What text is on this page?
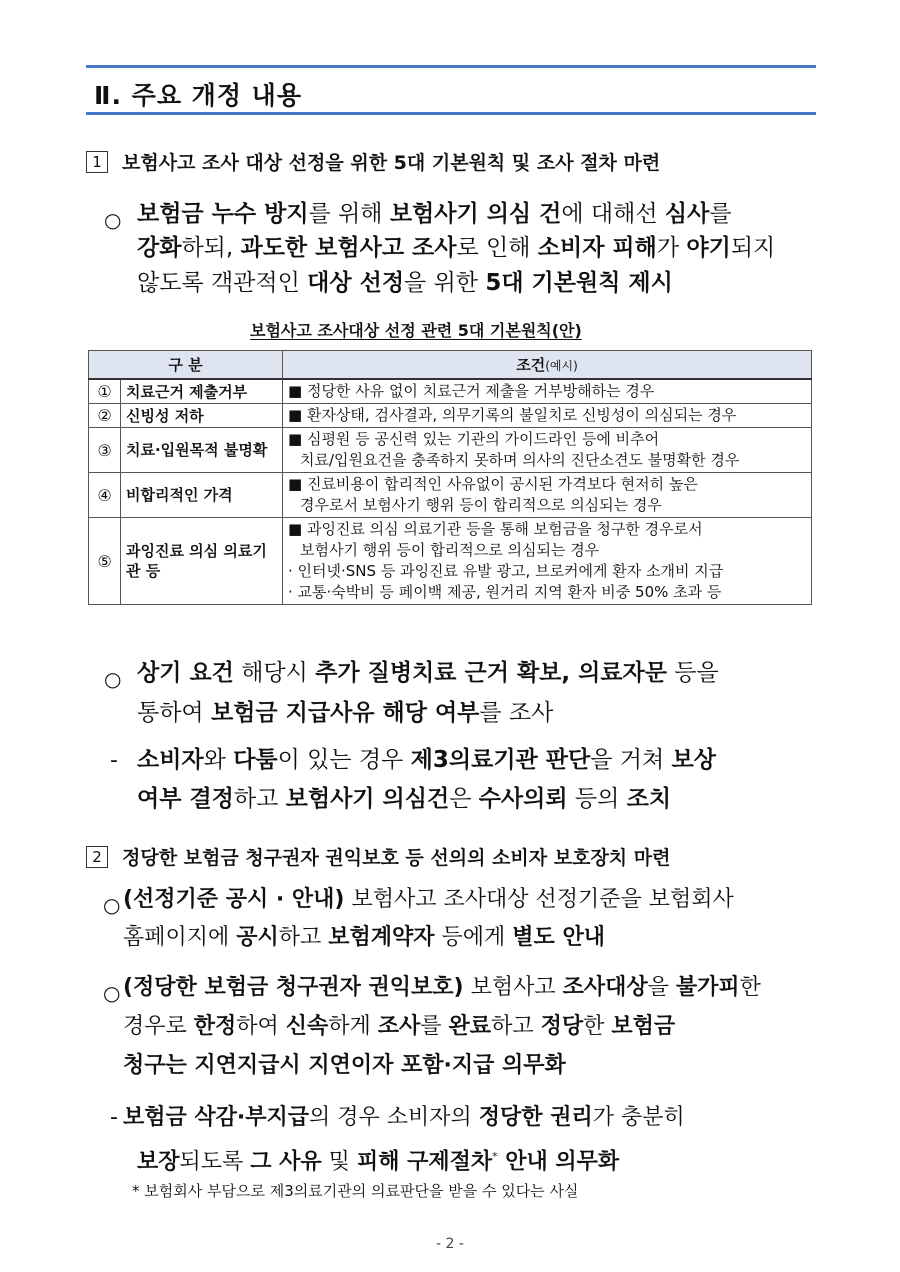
Ⅱ. 주요 개정 내용
1 보험사고 조사 대상 선정을 위한 5대 기본원칙 및 조사 절차 마련
○ 보험금 누수 방지를 위해 보험사기 의심 건에 대해선 심사를
강화하되, 과도한 보험사고 조사로 인해 소비자 피해가 야기되지
않도록 객관적인 대상 선정을 위한 5대 기본원칙 제시
보험사고 조사대상 선정 관련 5대 기본원칙(안)
구 분		조건(예시)
①	치료근거 제출거부	■ 정당한 사유 없이 치료근거 제출을 거부방해하는 경우

②	신빙성 저하	■ 환자상태, 검사결과, 의무기록의 불일치로 신빙성이 의심되는 경우

③	치료·입원목적 불명확	■ 심평원 등 공신력 있는 기관의 가이드라인 등에 비추어
치료/입원요건을 충족하지 못하며 의사의 진단소견도 불명확한 경우

④	비합리적인 가격	■ 진료비용이 합리적인 사유없이 공시된 가격보다 현저히 높은
경우로서 보험사기 행위 등이 합리적으로 의심되는 경우

⑤	과잉진료 의심 의료기관 등	■ 과잉진료 의심 의료기관 등을 통해 보험금을 청구한 경우로서
보험사기 행위 등이 합리적으로 의심되는 경우
· 인터넷·SNS 등 과잉진료 유발 광고, 브로커에게 환자 소개비 지급
· 교통·숙박비 등 페이백 제공, 원거리 지역 환자 비중 50% 초과 등
○ 상기 요건 해당시 추가 질병치료 근거 확보, 의료자문 등을
통하여 보험금 지급사유 해당 여부를 조사
- 소비자와 다툼이 있는 경우 제3의료기관 판단을 거쳐 보상
여부 결정하고 보험사기 의심건은 수사의뢰 등의 조치
2 정당한 보험금 청구권자 권익보호 등 선의의 소비자 보호장치 마련
○ (선정기준 공시 · 안내) 보험사고 조사대상 선정기준을 보험회사
홈페이지에 공시하고 보험계약자 등에게 별도 안내
○ (정당한 보험금 청구권자 권익보호) 보험사고 조사대상을 불가피한
경우로 한정하여 신속하게 조사를 완료하고 정당한 보험금
청구는 지연지급시 지연이자 포함·지급 의무화
- 보험금 삭감·부지급의 경우 소비자의 정당한 권리가 충분히
보장되도록 그 사유 및 피해 구제절차* 안내 의무화
* 보험회사 부담으로 제3의료기관의 의료판단을 받을 수 있다는 사실
- 2 -
